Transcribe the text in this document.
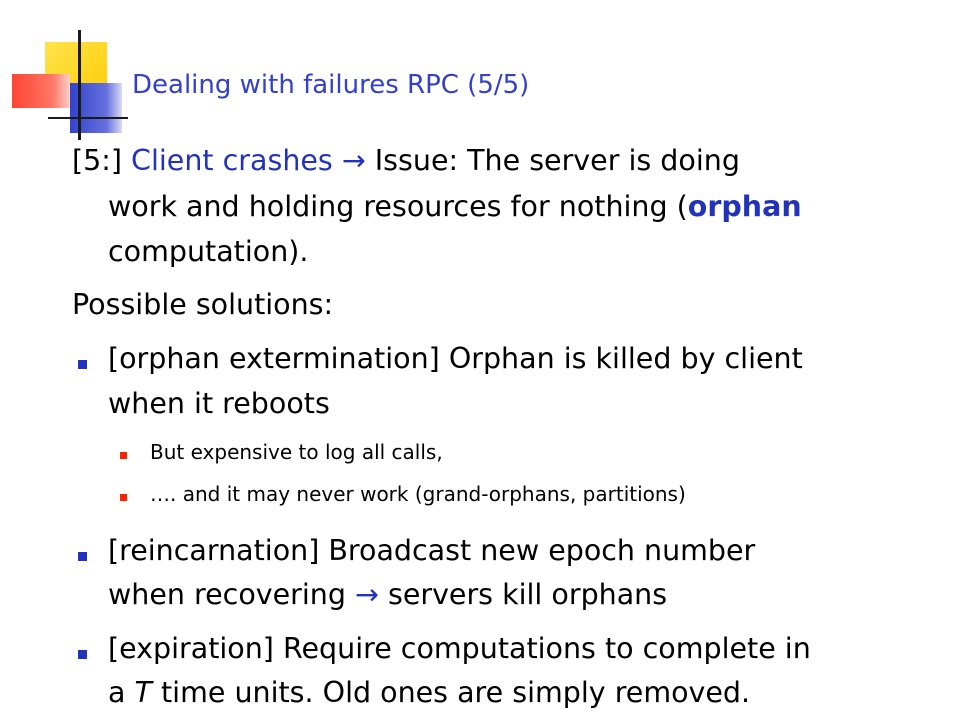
Dealing with failures RPC (5/5)
[5:] Client crashes → Issue: The server is doing
work and holding resources for nothing (orphan
computation).
Possible solutions:
[orphan extermination] Orphan is killed by client
when it reboots
But expensive to log all calls,
…. and it may never work (grand-orphans, partitions)
[reincarnation] Broadcast new epoch number
when recovering → servers kill orphans
[expiration] Require computations to complete in
a T time units. Old ones are simply removed.
